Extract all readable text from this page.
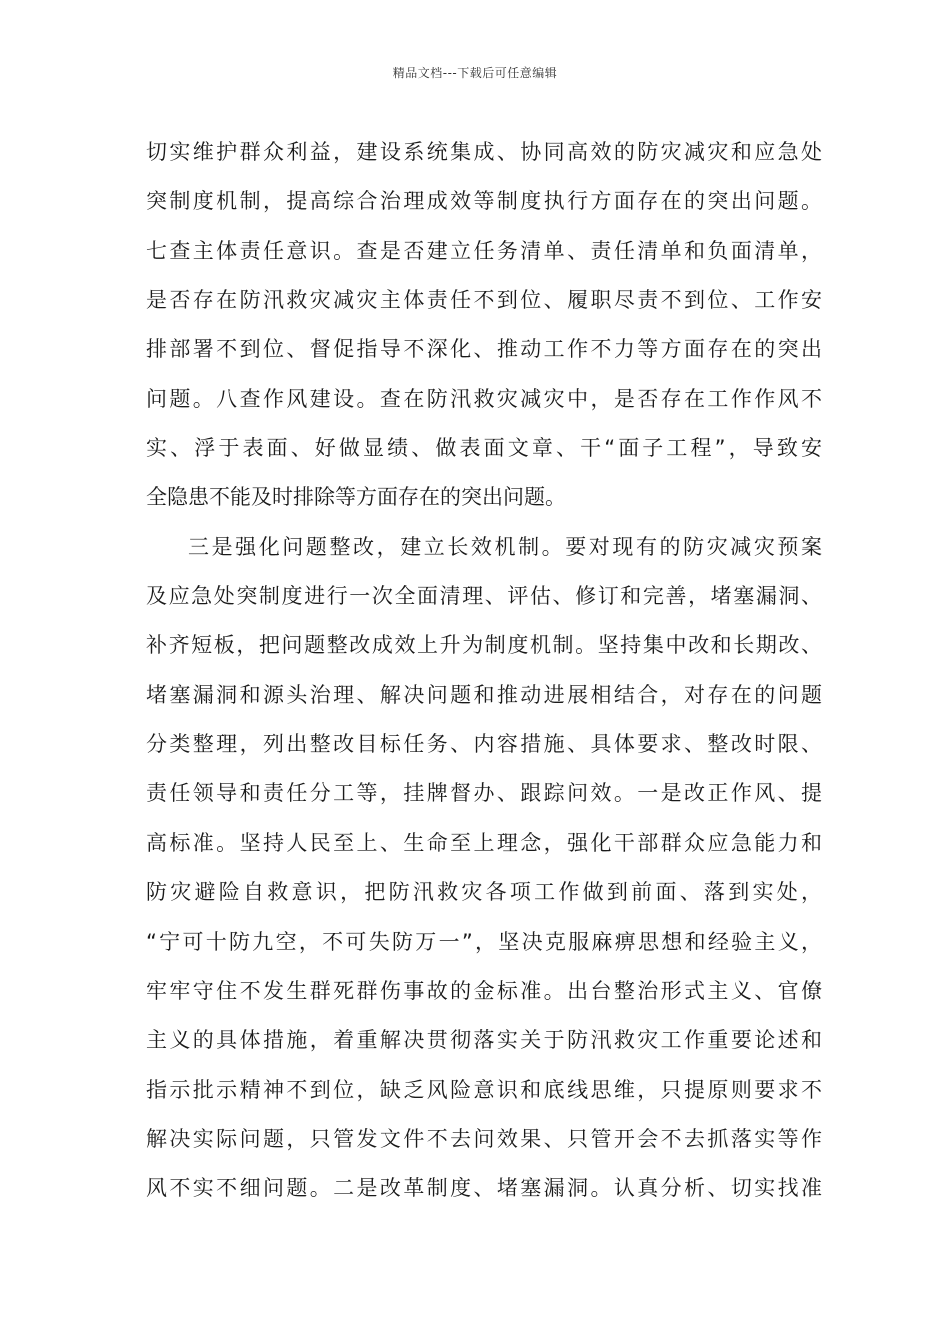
精品文档---下载后可任意编辑
切实维护群众利益，建设系统集成、协同高效的防灾减灾和应急处
突制度机制，提高综合治理成效等制度执行方面存在的突出问题。
七查主体责任意识。查是否建立任务清单、责任清单和负面清单，
是否存在防汛救灾减灾主体责任不到位、履职尽责不到位、工作安
排部署不到位、督促指导不深化、推动工作不力等方面存在的突出
问题。八查作风建设。查在防汛救灾减灾中，是否存在工作作风不
实、浮于表面、好做显绩、做表面文章、干“面子工程”，导致安
全隐患不能及时排除等方面存在的突出问题。
三是强化问题整改，建立长效机制。要对现有的防灾减灾预案
及应急处突制度进行一次全面清理、评估、修订和完善，堵塞漏洞、
补齐短板，把问题整改成效上升为制度机制。坚持集中改和长期改、
堵塞漏洞和源头治理、解决问题和推动进展相结合，对存在的问题
分类整理，列出整改目标任务、内容措施、具体要求、整改时限、
责任领导和责任分工等，挂牌督办、跟踪问效。一是改正作风、提
高标准。坚持人民至上、生命至上理念，强化干部群众应急能力和
防灾避险自救意识，把防汛救灾各项工作做到前面、落到实处，
“宁可十防九空，不可失防万一”，坚决克服麻痹思想和经验主义，
牢牢守住不发生群死群伤事故的金标准。出台整治形式主义、官僚
主义的具体措施，着重解决贯彻落实关于防汛救灾工作重要论述和
指示批示精神不到位，缺乏风险意识和底线思维，只提原则要求不
解决实际问题，只管发文件不去问效果、只管开会不去抓落实等作
风不实不细问题。二是改革制度、堵塞漏洞。认真分析、切实找准
